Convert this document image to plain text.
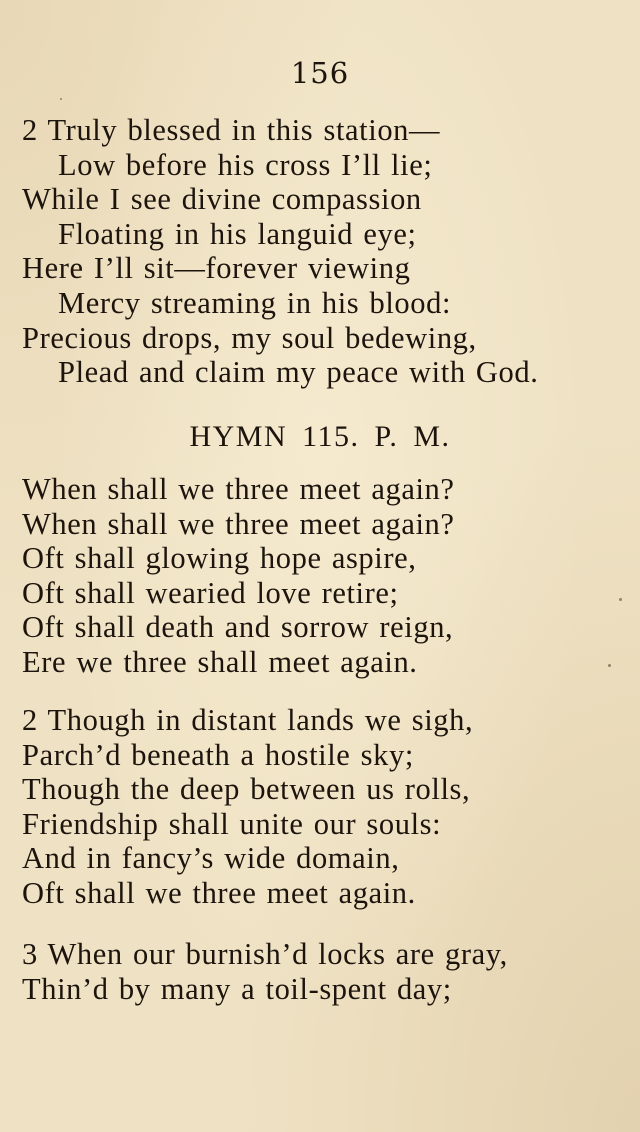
156
2 Truly blessed in this station—
Low before his cross I’ll lie;
While I see divine compassion
Floating in his languid eye;
Here I’ll sit—forever viewing
Mercy streaming in his blood:
Precious drops, my soul bedewing,
Plead and claim my peace with God.
HYMN 115. P. M.
When shall we three meet again?
When shall we three meet again?
Oft shall glowing hope aspire,
Oft shall wearied love retire;
Oft shall death and sorrow reign,
Ere we three shall meet again.
2 Though in distant lands we sigh,
Parch’d beneath a hostile sky;
Though the deep between us rolls,
Friendship shall unite our souls:
And in fancy’s wide domain,
Oft shall we three meet again.
3 When our burnish’d locks are gray,
Thin’d by many a toil-spent day;
